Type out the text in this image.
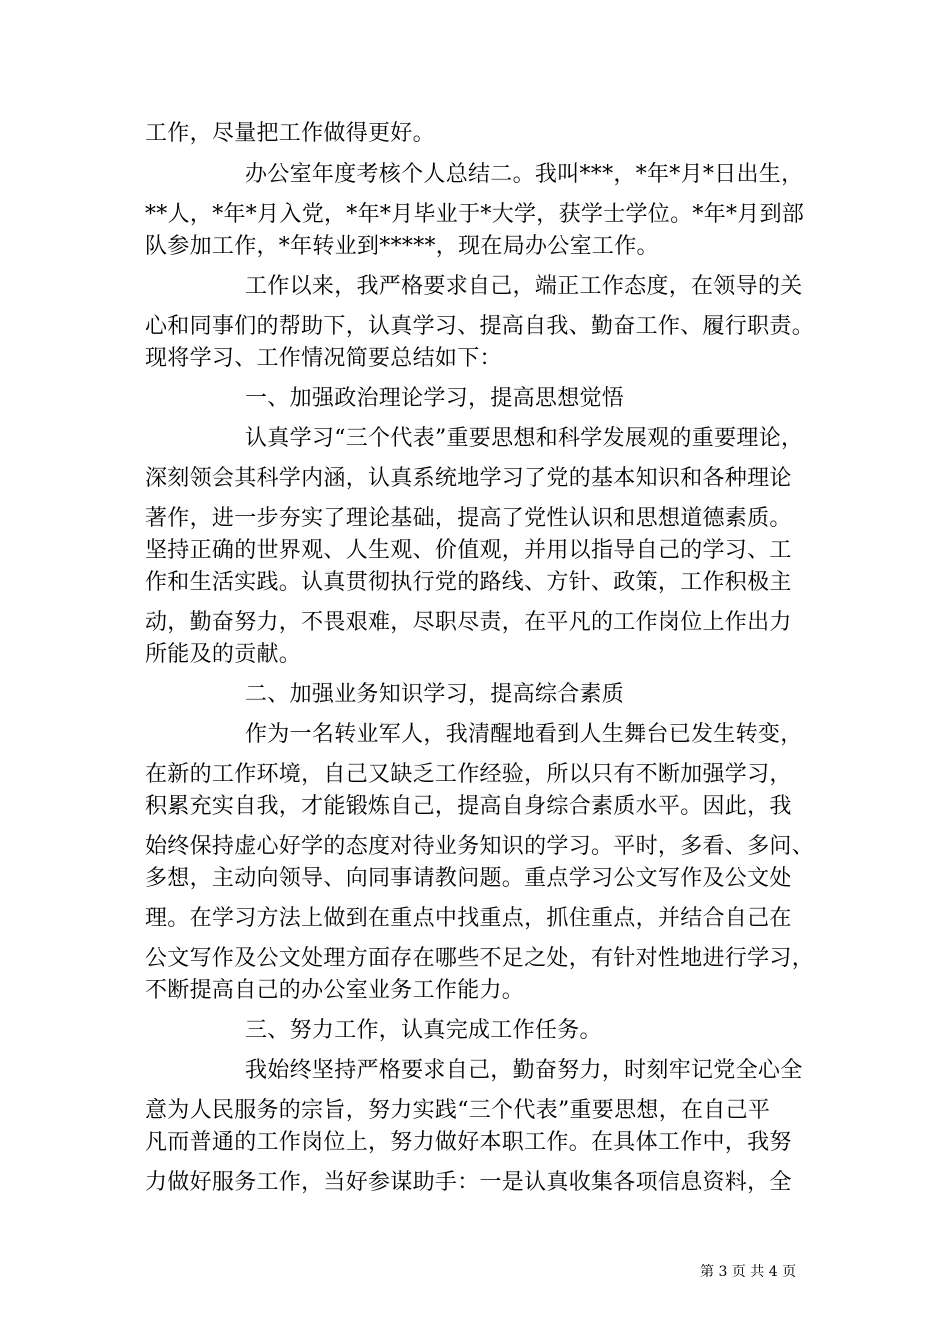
工作，尽量把工作做得更好。
办公室年度考核个人总结二。我叫***，*年*月*日出生，
**人，*年*月入党，*年*月毕业于*大学，获学士学位。*年*月到部
队参加工作，*年转业到*****，现在局办公室工作。
工作以来，我严格要求自己，端正工作态度，在领导的关
心和同事们的帮助下，认真学习、提高自我、勤奋工作、履行职责。
现将学习、工作情况简要总结如下：
一、加强政治理论学习，提高思想觉悟
认真学习“三个代表”重要思想和科学发展观的重要理论，
深刻领会其科学内涵，认真系统地学习了党的基本知识和各种理论
著作，进一步夯实了理论基础，提高了党性认识和思想道德素质。
坚持正确的世界观、人生观、价值观，并用以指导自己的学习、工
作和生活实践。认真贯彻执行党的路线、方针、政策，工作积极主
动，勤奋努力，不畏艰难，尽职尽责，在平凡的工作岗位上作出力
所能及的贡献。
二、加强业务知识学习，提高综合素质
作为一名转业军人，我清醒地看到人生舞台已发生转变，
在新的工作环境，自己又缺乏工作经验，所以只有不断加强学习，
积累充实自我，才能锻炼自己，提高自身综合素质水平。因此，我
始终保持虚心好学的态度对待业务知识的学习。平时，多看、多问、
多想，主动向领导、向同事请教问题。重点学习公文写作及公文处
理。在学习方法上做到在重点中找重点，抓住重点，并结合自己在
公文写作及公文处理方面存在哪些不足之处，有针对性地进行学习，
不断提高自己的办公室业务工作能力。
三、努力工作，认真完成工作任务。
我始终坚持严格要求自己，勤奋努力，时刻牢记党全心全
意为人民服务的宗旨，努力实践“三个代表”重要思想，在自己平
凡而普通的工作岗位上，努力做好本职工作。在具体工作中，我努
力做好服务工作，当好参谋助手：一是认真收集各项信息资料，全
第 3 页 共 4 页
